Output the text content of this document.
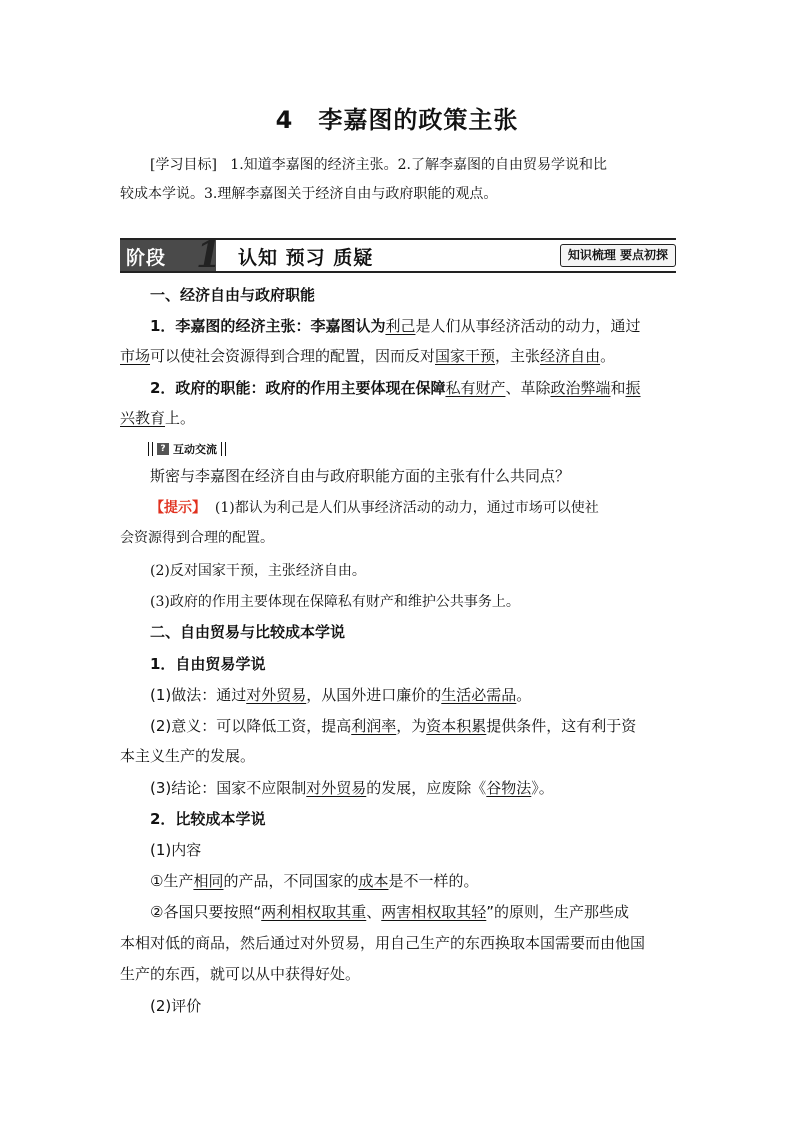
4　李嘉图的政策主张
[学习目标] 1.知道李嘉图的经济主张。2.了解李嘉图的自由贸易学说和比
较成本学说。3.理解李嘉图关于经济自由与政府职能的观点。
阶段 1 认知 预习 质疑	知识梳理 要点初探
一、经济自由与政府职能
1．李嘉图的经济主张：李嘉图认为利己是人们从事经济活动的动力，通过
市场可以使社会资源得到合理的配置，因而反对国家干预，主张经济自由。
2．政府的职能：政府的作用主要体现在保障私有财产、革除政治弊端和振
兴教育上。
? 互动交流
斯密与李嘉图在经济自由与政府职能方面的主张有什么共同点？
【提示】 (1)都认为利己是人们从事经济活动的动力，通过市场可以使社
会资源得到合理的配置。
(2)反对国家干预，主张经济自由。
(3)政府的作用主要体现在保障私有财产和维护公共事务上。
二、自由贸易与比较成本学说
1．自由贸易学说
(1)做法：通过对外贸易，从国外进口廉价的生活必需品。
(2)意义：可以降低工资，提高利润率，为资本积累提供条件，这有利于资
本主义生产的发展。
(3)结论：国家不应限制对外贸易的发展，应废除《谷物法》。
2．比较成本学说
(1)内容
①生产相同的产品，不同国家的成本是不一样的。
②各国只要按照“两利相权取其重、两害相权取其轻”的原则，生产那些成
本相对低的商品，然后通过对外贸易，用自己生产的东西换取本国需要而由他国
生产的东西，就可以从中获得好处。
(2)评价
